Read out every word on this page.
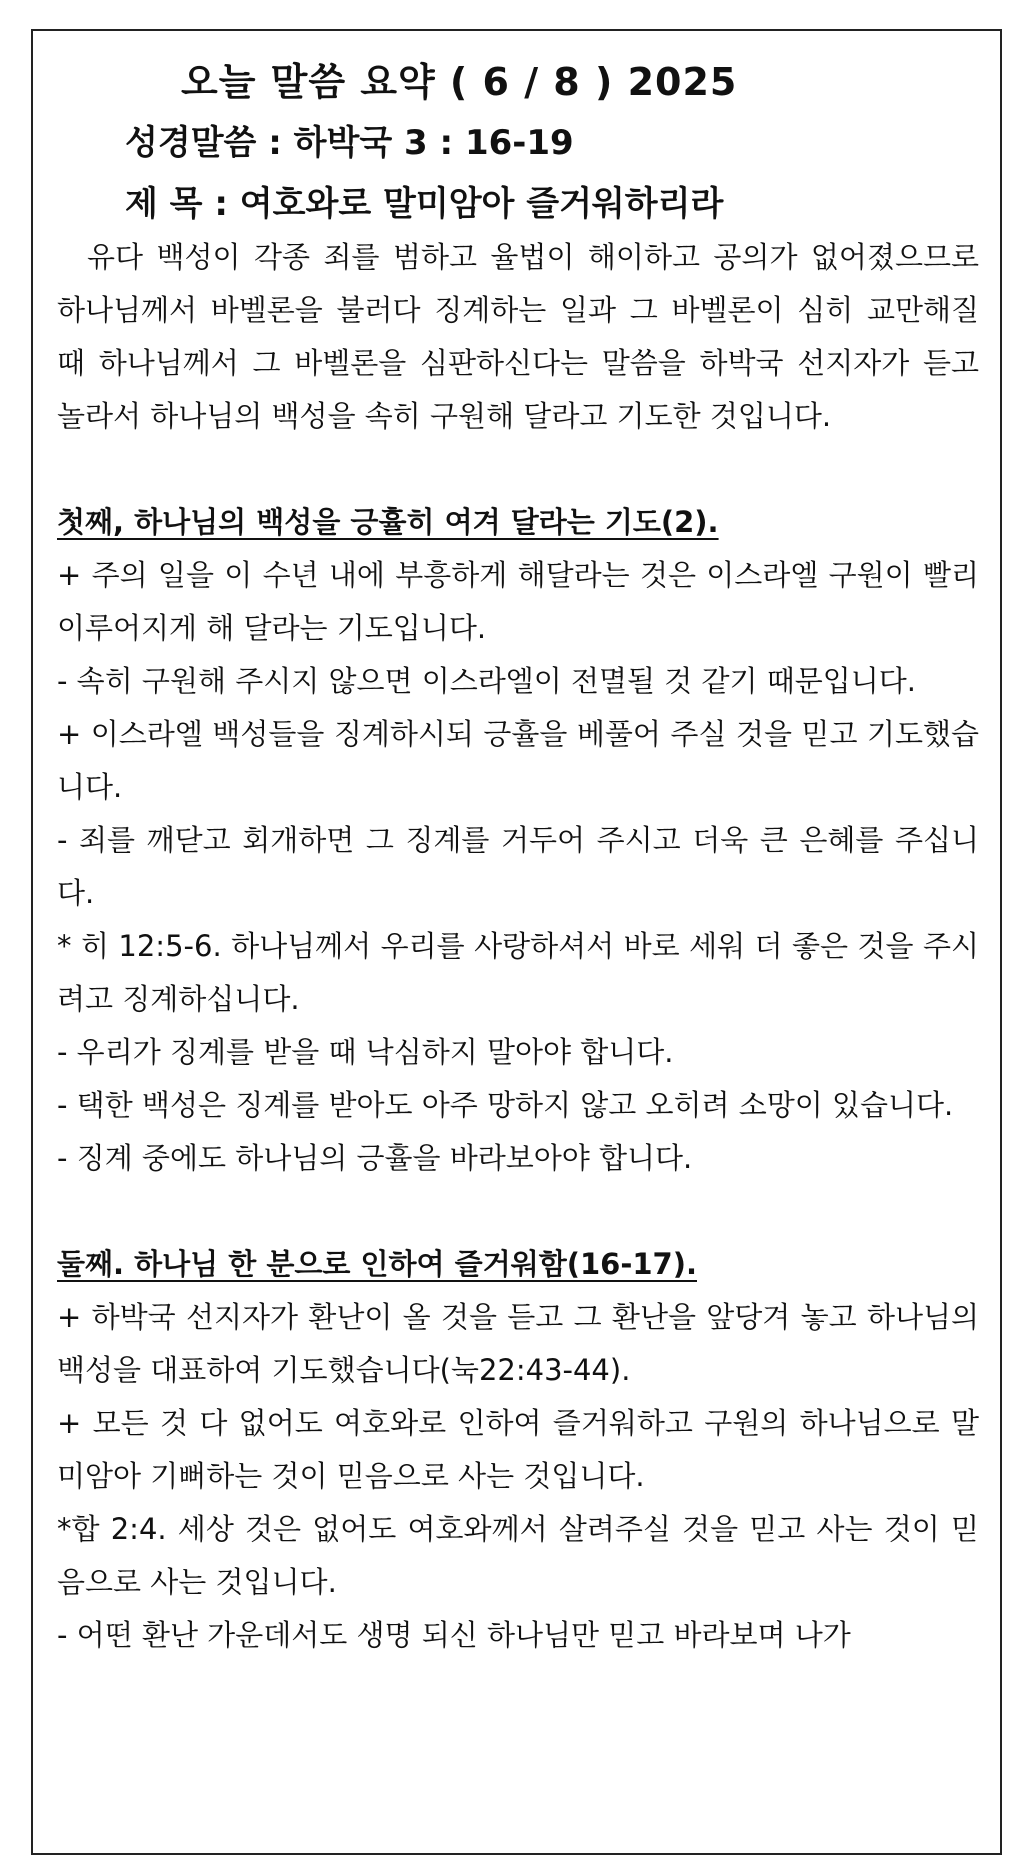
오늘 말씀 요약 ( 6 / 8 ) 2025
성경말씀 : 하박국 3 : 16-19
제 목 : 여호와로 말미암아 즐거워하리라

유다 백성이 각종 죄를 범하고 율법이 해이하고 공의가 없어졌으므로 하나님께서 바벨론을 불러다 징계하는 일과 그 바벨론이 심히 교만해질 때 하나님께서 그 바벨론을 심판하신다는 말씀을 하박국 선지자가 듣고 놀라서 하나님의 백성을 속히 구원해 달라고 기도한 것입니다.

첫째, 하나님의 백성을 긍휼히 여겨 달라는 기도(2).

+ 주의 일을 이 수년 내에 부흥하게 해달라는 것은 이스라엘 구원이 빨리 이루어지게 해 달라는 기도입니다.

- 속히 구원해 주시지 않으면 이스라엘이 전멸될 것 같기 때문입니다.

+ 이스라엘 백성들을 징계하시되 긍휼을 베풀어 주실 것을 믿고 기도했습니다.

- 죄를 깨닫고 회개하면 그 징계를 거두어 주시고 더욱 큰 은혜를 주십니다.

* 히 12:5-6. 하나님께서 우리를 사랑하셔서 바로 세워 더 좋은 것을 주시려고 징계하십니다.

- 우리가 징계를 받을 때 낙심하지 말아야 합니다.

- 택한 백성은 징계를 받아도 아주 망하지 않고 오히려 소망이 있습니다.

- 징계 중에도 하나님의 긍휼을 바라보아야 합니다.

둘째. 하나님 한 분으로 인하여 즐거워함(16-17).

+ 하박국 선지자가 환난이 올 것을 듣고 그 환난을 앞당겨 놓고 하나님의 백성을 대표하여 기도했습니다(눅22:43-44).

+ 모든 것 다 없어도 여호와로 인하여 즐거워하고 구원의 하나님으로 말미암아 기뻐하는 것이 믿음으로 사는 것입니다.

*합 2:4. 세상 것은 없어도 여호와께서 살려주실 것을 믿고 사는 것이 믿음으로 사는 것입니다.

- 어떤 환난 가운데서도 생명 되신 하나님만 믿고 바라보며 나가
